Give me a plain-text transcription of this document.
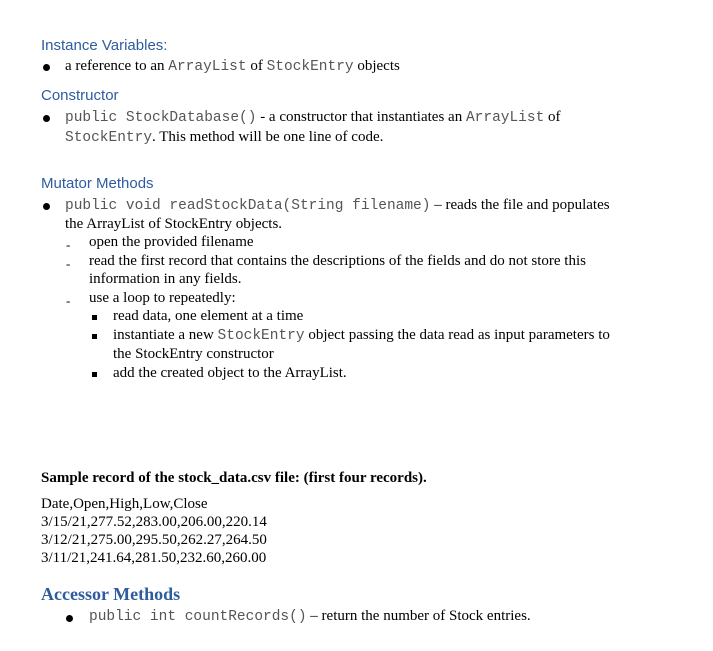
Instance Variables:
a reference to an ArrayList of StockEntry objects
Constructor
public StockDatabase() - a constructor that instantiates an ArrayList of
StockEntry. This method will be one line of code.
Mutator Methods
public void readStockData(String filename) – reads the file and populates
the ArrayList of StockEntry objects.
- open the provided filename
- read the first record that contains the descriptions of the fields and do not store this
information in any fields.
- use a loop to repeatedly:
read data, one element at a time
instantiate a new StockEntry object passing the data read as input parameters to
the StockEntry constructor
add the created object to the ArrayList.
Sample record of the stock_data.csv file: (first four records).
Date,Open,High,Low,Close
3/15/21,277.52,283.00,206.00,220.14
3/12/21,275.00,295.50,262.27,264.50
3/11/21,241.64,281.50,232.60,260.00
Accessor Methods
public int countRecords() – return the number of Stock entries.
